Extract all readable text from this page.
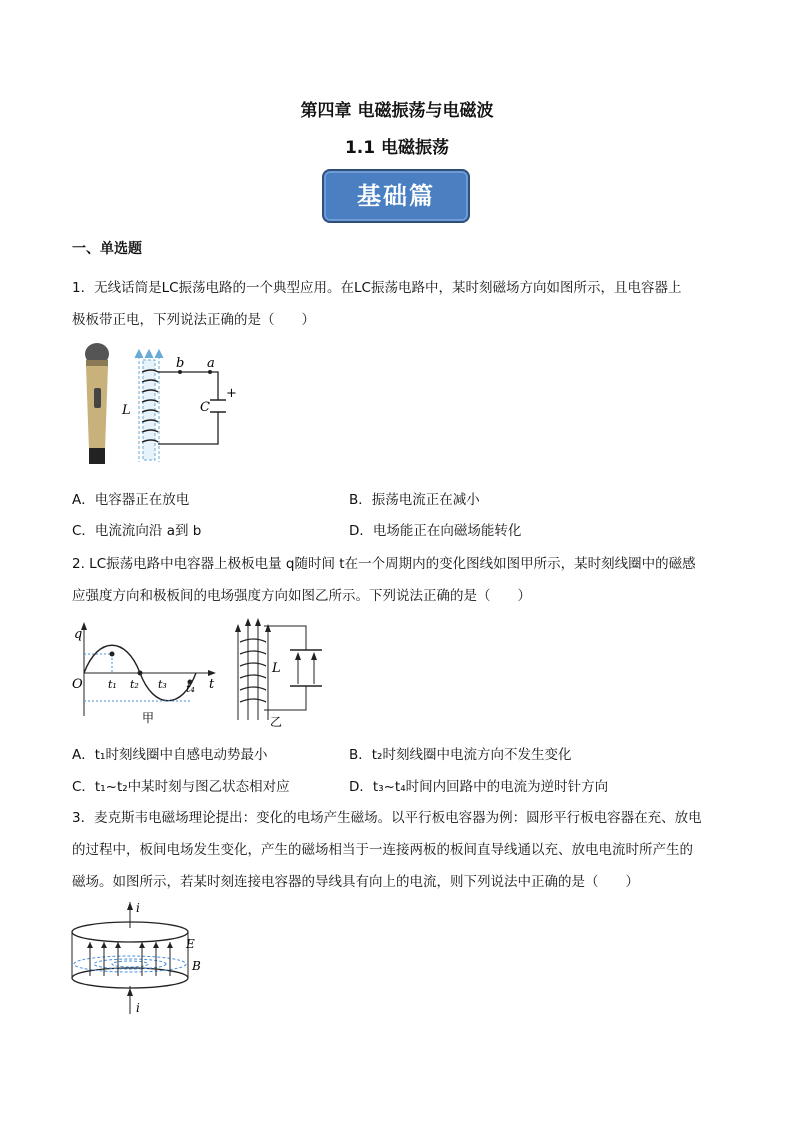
第四章 电磁振荡与电磁波
1.1 电磁振荡
基础篇
一、单选题
1．无线话筒是LC振荡电路的一个典型应用。在LC振荡电路中，某时刻磁场方向如图所示，且电容器上
极板带正电，下列说法正确的是（　　）
b a
L	C
+
A．电容器正在放电	B．振荡电流正在减小
C．电流流向沿 a到 b	D．电场能正在向磁场能转化
2. LC振荡电路中电容器上极板电量 q随时间 t在一个周期内的变化图线如图甲所示，某时刻线圈中的磁感
应强度方向和极板间的电场强度方向如图乙所示。下列说法正确的是（　　）
q
O t₁ t₂ t₃ t₄ t
甲
L
乙
A．t₁时刻线圈中自感电动势最小	B．t₂时刻线圈中电流方向不发生变化
C．t₁~t₂中某时刻与图乙状态相对应	D．t₃~t₄时间内回路中的电流为逆时针方向
3．麦克斯韦电磁场理论提出：变化的电场产生磁场。以平行板电容器为例：圆形平行板电容器在充、放电
的过程中，板间电场发生变化，产生的磁场相当于一连接两板的板间直导线通以充、放电电流时所产生的
磁场。如图所示，若某时刻连接电容器的导线具有向上的电流，则下列说法中正确的是（　　）
i
E
B
i
